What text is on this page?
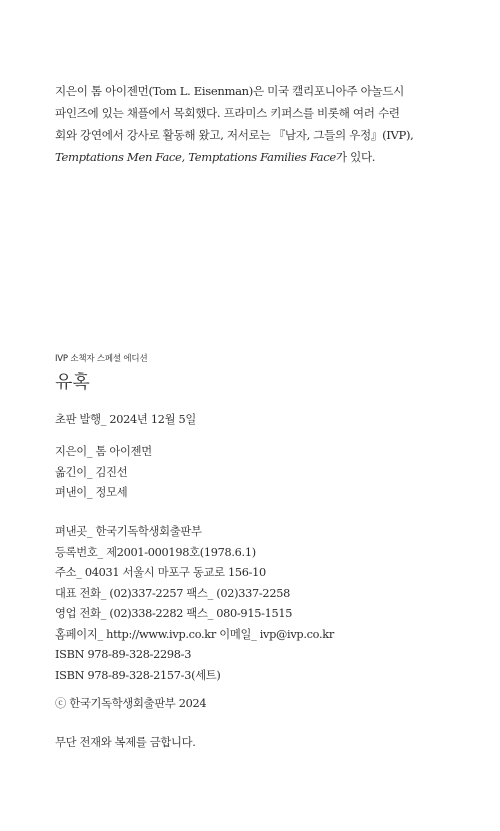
지은이 톰 아이젠먼(Tom L. Eisenman)은 미국 캘리포니아주 아놀드시

파인즈에 있는 채플에서 목회했다. 프라미스 키퍼스를 비롯해 여러 수련

회와 강연에서 강사로 활동해 왔고, 저서로는 『남자, 그들의 우정』(IVP),

Temptations Men Face, Temptations Families Face가 있다.

IVP 소책자 스페셜 에디션
유혹

초판 발행_ 2024년 12월 5일

지은이_ 톰 아이젠먼

옮긴이_ 김진선

펴낸이_ 정모세

펴낸곳_ 한국기독학생회출판부

등록번호_ 제2001-000198호(1978.6.1)

주소_ 04031 서울시 마포구 동교로 156-10

대표 전화_ (02)337-2257 팩스_ (02)337-2258

영업 전화_ (02)338-2282 팩스_ 080-915-1515

홈페이지_ http://www.ivp.co.kr 이메일_ ivp@ivp.co.kr

ISBN 978-89-328-2298-3

ISBN 978-89-328-2157-3(세트)

ⓒ 한국기독학생회출판부 2024

무단 전재와 복제를 금합니다.
